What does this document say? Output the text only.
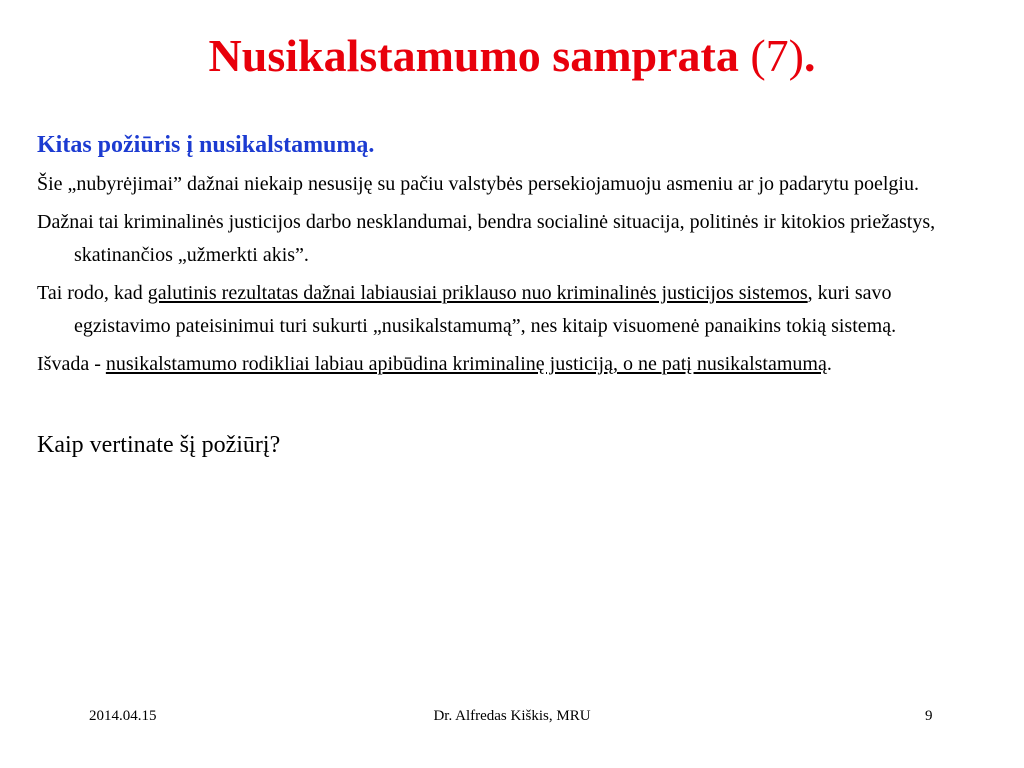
Nusikalstamumo samprata (7).
Kitas požiūris į nusikalstamumą.
Šie „nubyrėjimai” dažnai niekaip nesusiję su pačiu valstybės persekiojamuoju asmeniu ar jo padarytu poelgiu.
Dažnai tai kriminalinės justicijos darbo nesklandumai, bendra socialinė situacija, politinės ir kitokios priežastys, skatinančios „užmerkti akis”.
Tai rodo, kad galutinis rezultatas dažnai labiausiai priklauso nuo kriminalinės justicijos sistemos, kuri savo egzistavimo pateisinimui turi sukurti „nusikalstamumą”, nes kitaip visuomenė panaikins tokią sistemą.
Išvada - nusikalstamumo rodikliai labiau apibūdina kriminalinę justiciją, o ne patį nusikalstamumą.
Kaip vertinate šį požiūrį?
2014.04.15	Dr. Alfredas Kiškis, MRU	9
